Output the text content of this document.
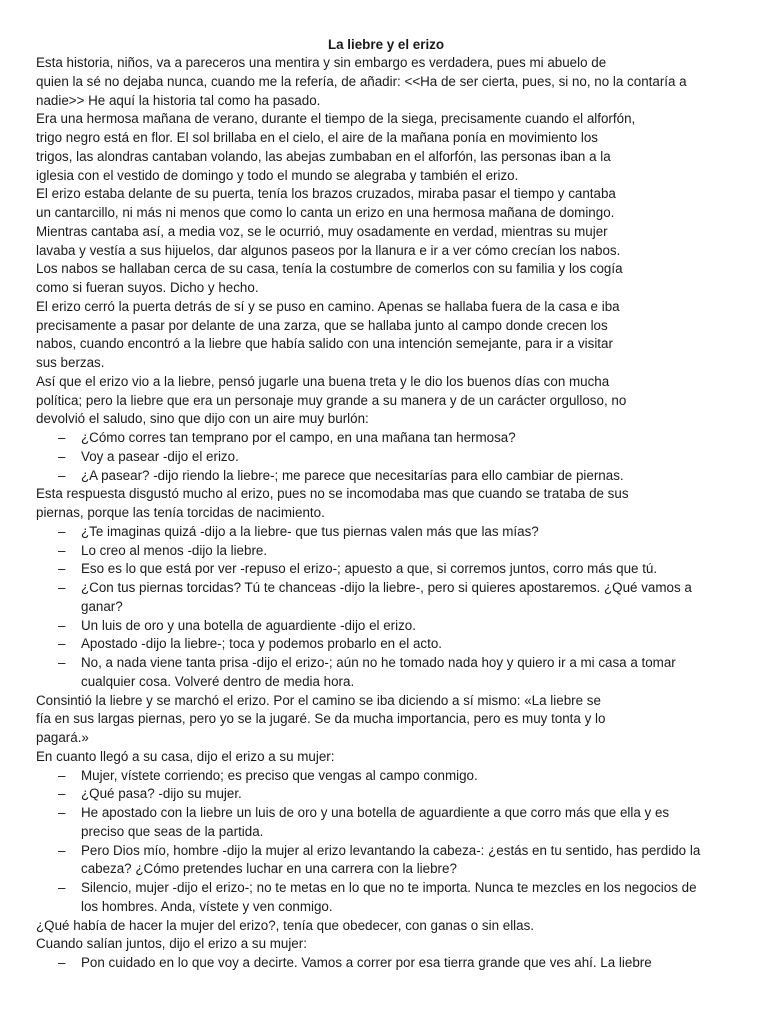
La liebre y el erizo
Esta historia, niños, va a pareceros una mentira y sin embargo es verdadera, pues mi abuelo de
quien la sé no dejaba nunca, cuando me la refería, de añadir: <<Ha de ser cierta, pues, si no, no la contaría a
nadie>> He aquí la historia tal como ha pasado.
Era una hermosa mañana de verano, durante el tiempo de la siega, precisamente cuando el alforfón,
trigo negro está en flor. El sol brillaba en el cielo, el aire de la mañana ponía en movimiento los
trigos, las alondras cantaban volando, las abejas zumbaban en el alforfón, las personas iban a la
iglesia con el vestido de domingo y todo el mundo se alegraba y también el erizo.
El erizo estaba delante de su puerta, tenía los brazos cruzados, miraba pasar el tiempo y cantaba
un cantarcillo, ni más ni menos que como lo canta un erizo en una hermosa mañana de domingo.
Mientras cantaba así, a media voz, se le ocurrió, muy osadamente en verdad, mientras su mujer
lavaba y vestía a sus hijuelos, dar algunos paseos por la llanura e ir a ver cómo crecían los nabos.
Los nabos se hallaban cerca de su casa, tenía la costumbre de comerlos con su familia y los cogía
como si fueran suyos. Dicho y hecho.
El erizo cerró la puerta detrás de sí y se puso en camino. Apenas se hallaba fuera de la casa e iba
precisamente a pasar por delante de una zarza, que se hallaba junto al campo donde crecen los
nabos, cuando encontró a la liebre que había salido con una intención semejante, para ir a visitar
sus berzas.
Así que el erizo vio a la liebre, pensó jugarle una buena treta y le dio los buenos días con mucha
política; pero la liebre que era un personaje muy grande a su manera y de un carácter orgulloso, no
devolvió el saludo, sino que dijo con un aire muy burlón:
– ¿Cómo corres tan temprano por el campo, en una mañana tan hermosa?
– Voy a pasear -dijo el erizo.
– ¿A pasear? -dijo riendo la liebre-; me parece que necesitarías para ello cambiar de piernas.
Esta respuesta disgustó mucho al erizo, pues no se incomodaba mas que cuando se trataba de sus
piernas, porque las tenía torcidas de nacimiento.
– ¿Te imaginas quizá -dijo a la liebre- que tus piernas valen más que las mías?
– Lo creo al menos -dijo la liebre.
– Eso es lo que está por ver -repuso el erizo-; apuesto a que, si corremos juntos, corro más que tú.
– ¿Con tus piernas torcidas? Tú te chanceas -dijo la liebre-, pero si quieres apostaremos. ¿Qué vamos a
ganar?
– Un luis de oro y una botella de aguardiente -dijo el erizo.
– Apostado -dijo la liebre-; toca y podemos probarlo en el acto.
– No, a nada viene tanta prisa -dijo el erizo-; aún no he tomado nada hoy y quiero ir a mi casa a tomar
cualquier cosa. Volveré dentro de media hora.
Consintió la liebre y se marchó el erizo. Por el camino se iba diciendo a sí mismo: «La liebre se
fía en sus largas piernas, pero yo se la jugaré. Se da mucha importancia, pero es muy tonta y lo
pagará.»
En cuanto llegó a su casa, dijo el erizo a su mujer:
– Mujer, vístete corriendo; es preciso que vengas al campo conmigo.
– ¿Qué pasa? -dijo su mujer.
– He apostado con la liebre un luis de oro y una botella de aguardiente a que corro más que ella y es
preciso que seas de la partida.
– Pero Dios mío, hombre -dijo la mujer al erizo levantando la cabeza-: ¿estás en tu sentido, has perdido la
cabeza? ¿Cómo pretendes luchar en una carrera con la liebre?
– Silencio, mujer -dijo el erizo-; no te metas en lo que no te importa. Nunca te mezcles en los negocios de
los hombres. Anda, vístete y ven conmigo.
¿Qué había de hacer la mujer del erizo?, tenía que obedecer, con ganas o sin ellas.
Cuando salían juntos, dijo el erizo a su mujer:
– Pon cuidado en lo que voy a decirte. Vamos a correr por esa tierra grande que ves ahí. La liebre
